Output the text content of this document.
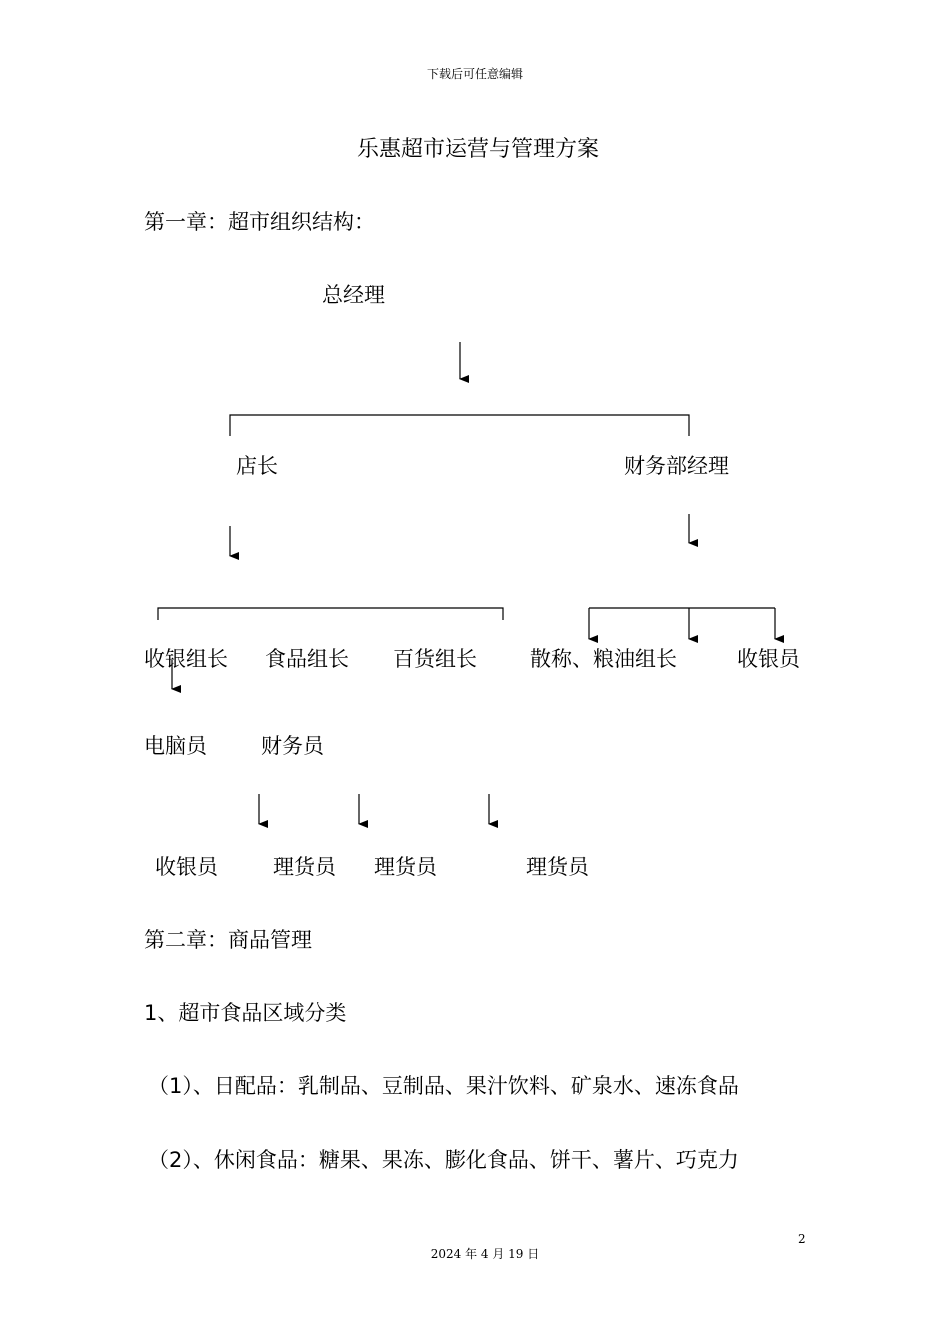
下载后可任意编辑
乐惠超市运营与管理方案
第一章：超市组织结构：
总经理
店长	财务部经理
收银组长 食品组长 百货组长	散称、粮油组长	收银员
电脑员	财务员
收银员	理货员 理货员	理货员
第二章：商品管理
1、超市食品区域分类
（1）、日配品：乳制品、豆制品、果汁饮料、矿泉水、速冻食品
（2）、休闲食品：糖果、果冻、膨化食品、饼干、薯片、巧克力
2
2024 年 4 月 19 日
